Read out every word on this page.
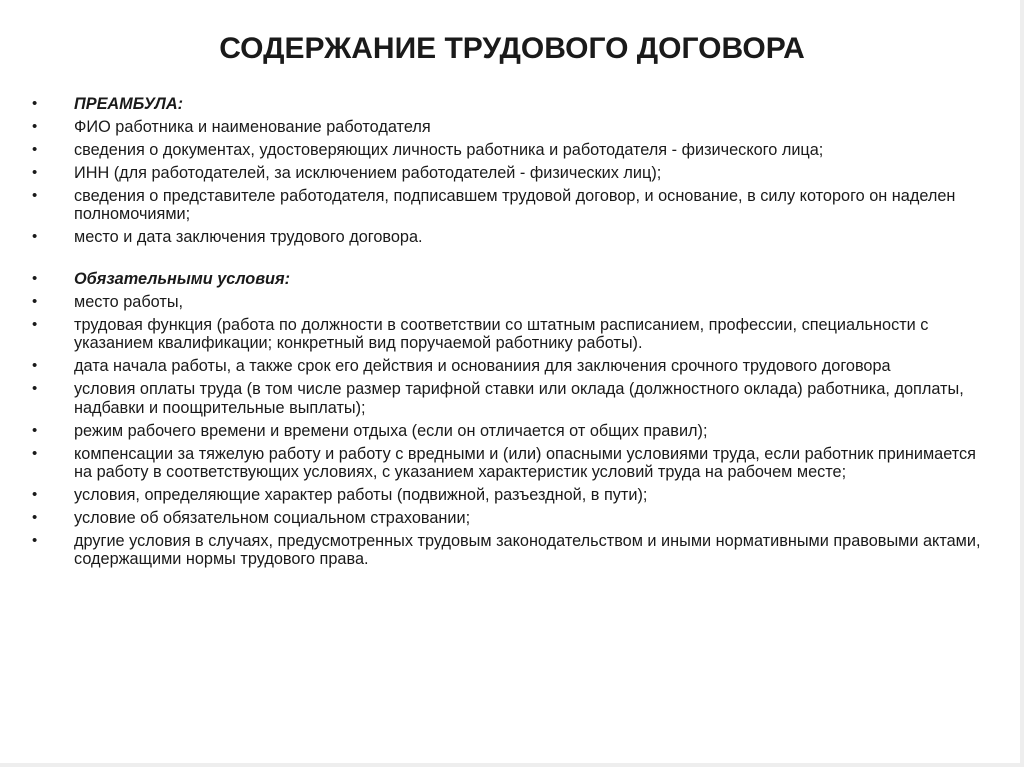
СОДЕРЖАНИЕ ТРУДОВОГО ДОГОВОРА
• ПРЕАМБУЛА:
• ФИО работника и наименование работодателя
• сведения о документах, удостоверяющих личность работника и работодателя - физического лица;
• ИНН (для работодателей, за исключением работодателей - физических лиц);
• сведения о представителе работодателя, подписавшем трудовой договор, и основание, в силу которого он наделен полномочиями;
• место и дата заключения трудового договора.
• Обязательными условия:
• место работы,
• трудовая функция (работа по должности в соответствии со штатным расписанием, профессии, специальности с указанием квалификации; конкретный вид поручаемой работнику работы).
• дата начала работы, а также срок его действия и основаниия для заключения срочного трудового договора
• условия оплаты труда (в том числе размер тарифной ставки или оклада (должностного оклада) работника, доплаты, надбавки и поощрительные выплаты);
• режим рабочего времени и времени отдыха (если он отличается от общих правил);
• компенсации за тяжелую работу и работу с вредными и (или) опасными условиями труда, если работник принимается на работу в соответствующих условиях, с указанием характеристик условий труда на рабочем месте;
• условия, определяющие характер работы (подвижной, разъездной, в пути);
• условие об обязательном социальном страховании;
• другие условия в случаях, предусмотренных трудовым законодательством и иными нормативными правовыми актами, содержащими нормы трудового права.
